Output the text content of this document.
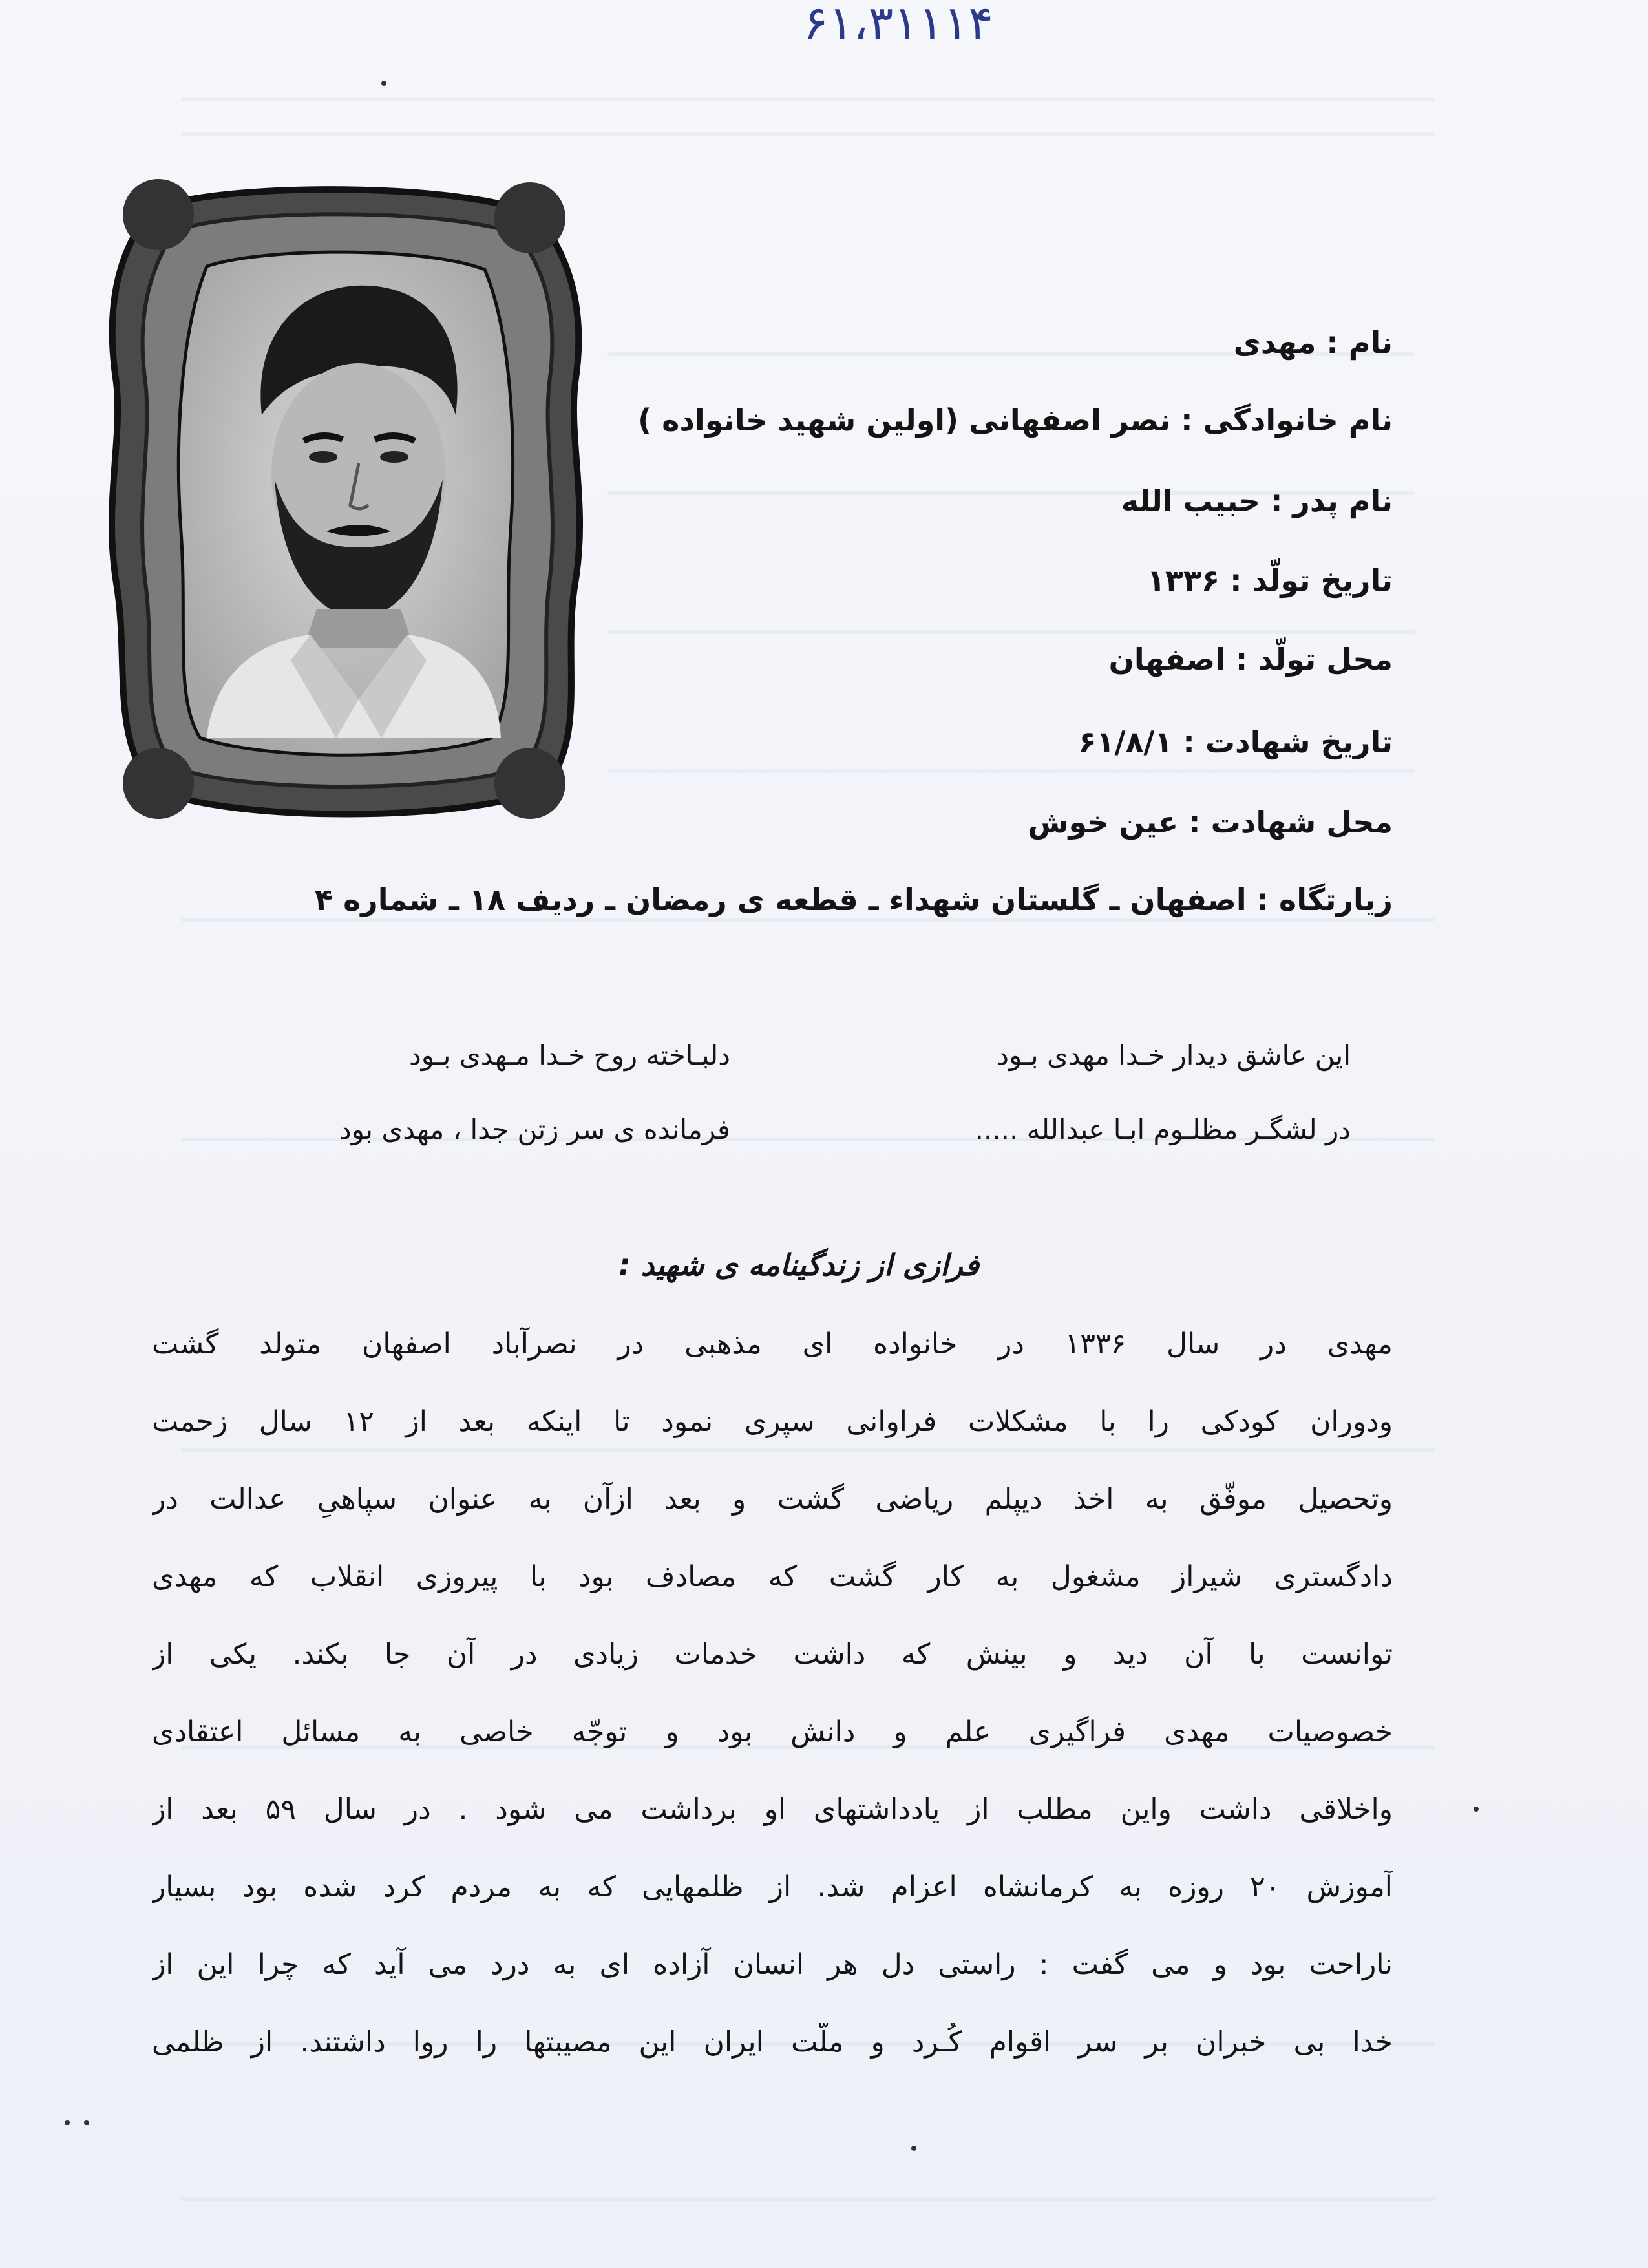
۶۱،۳۱۱۱۴
نام : مهدی
نام خانوادگی : نصر اصفهانی (اولین شهید خانواده )
نام پدر : حبیب الله
تاریخ تولّد : ۱۳۳۶
محل تولّد : اصفهان
تاریخ شهادت : ۶۱/۸/۱
محل شهادت : عین خوش
زیارتگاه : اصفهان ـ گلستان شهداء ـ قطعه ی رمضان ـ ردیف ۱۸ ـ شماره ۴
این عاشق دیدار خـدا مهدی بـود
دلبـاخته روح خـدا مـهدی بـود
در لشگـر مظلـوم ابـا عبدالله .....
فرمانده ی سر زتن جدا ، مهدی بود
فرازی از زندگینامه ی شهید :
مهدی در سال ۱۳۳۶ در خانواده ای مذهبی در نصرآباد اصفهان متولد گشت
ودوران کودکی را با مشکلات فراوانی سپری نمود تا اینکه بعد از ۱۲ سال زحمت
وتحصیل موفّق به اخذ دیپلم ریاضی گشت و بعد ازآن به عنوان سپاهیِ عدالت در
دادگستری شیراز مشغول به کار گشت که مصادف بود با پیروزی انقلاب که مهدی
توانست با آن دید و بینش که داشت خدمات زیادی در آن جا بکند. یکی از
خصوصیات مهدی فراگیری علم و دانش بود و توجّه خاصی به مسائل اعتقادی
واخلاقی داشت واین مطلب از یادداشتهای او برداشت می شود . در سال ۵۹ بعد از
آموزش ۲۰ روزه به کرمانشاه اعزام شد. از ظلمهایی که به مردم کرد شده بود بسیار
ناراحت بود و می گفت : راستی دل هر انسان آزاده ای به درد می آید که چرا این از
خدا بی خبران بر سر اقوام کُـرد و ملّت ایران این مصیبتها را روا داشتند. از ظلمی
